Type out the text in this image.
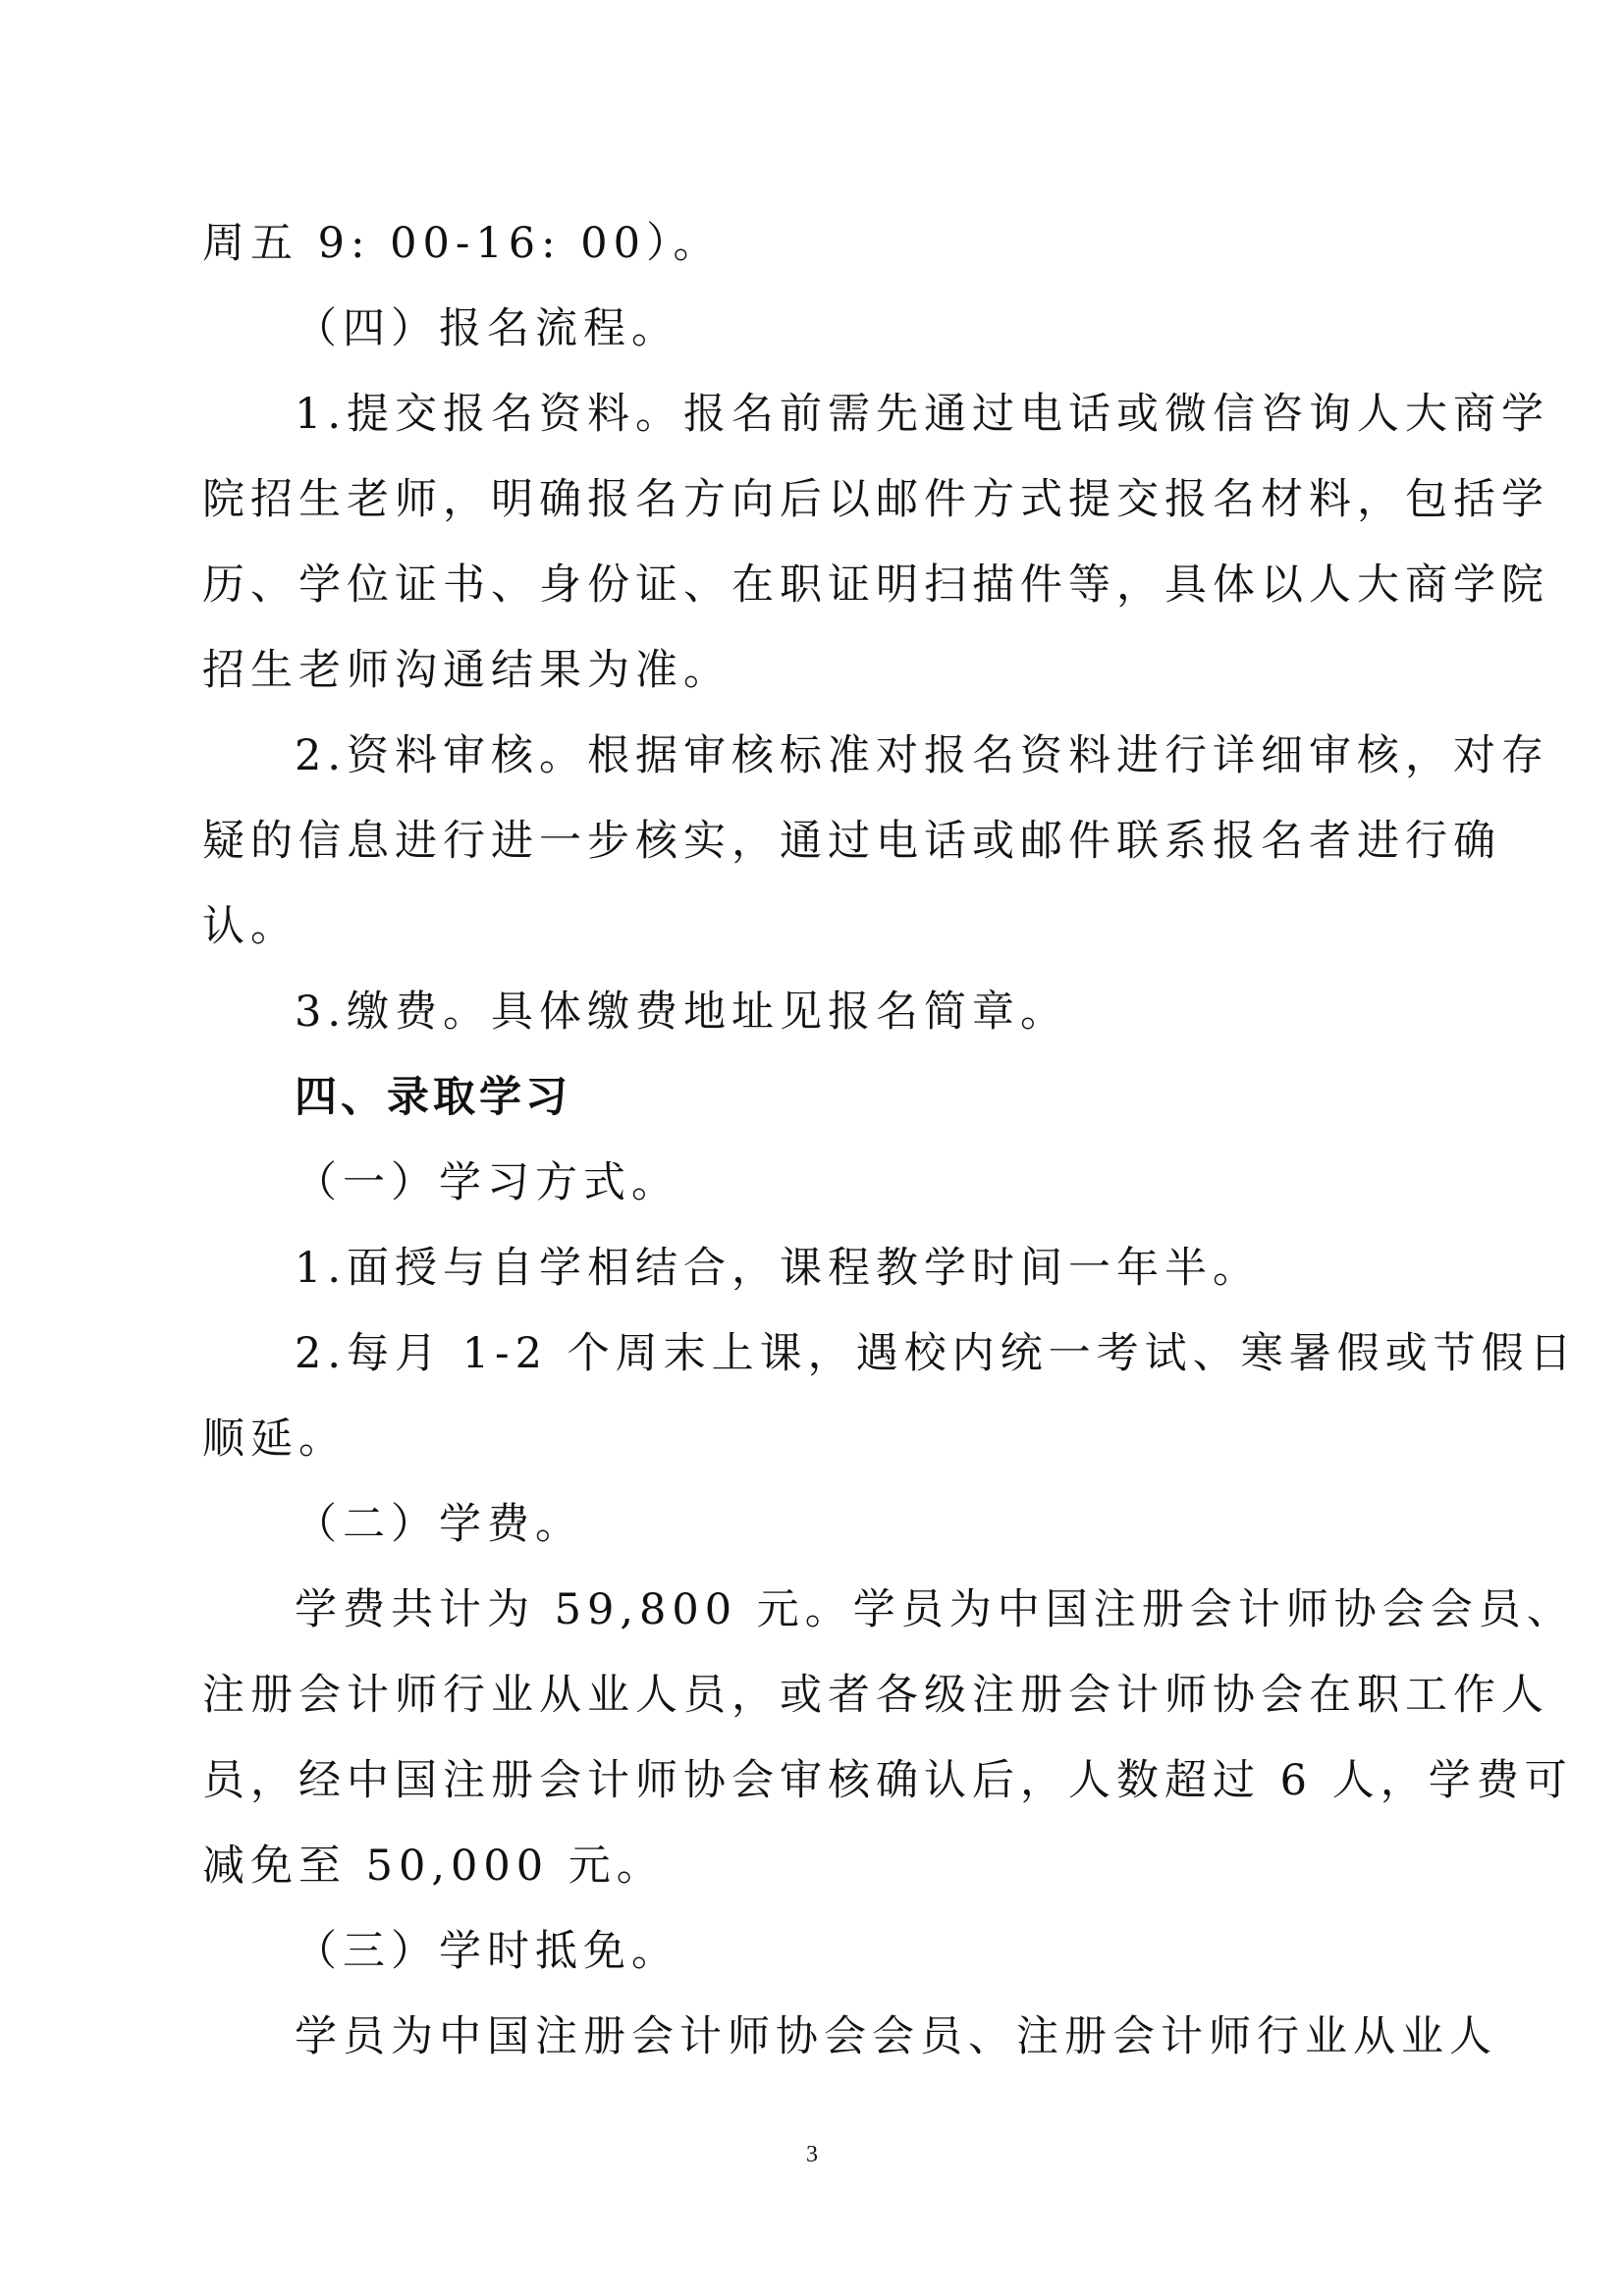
周五 9: 00-16: 00）。
（四）报名流程。
1.提交报名资料。报名前需先通过电话或微信咨询人大商学
院招生老师，明确报名方向后以邮件方式提交报名材料，包括学
历、学位证书、身份证、在职证明扫描件等，具体以人大商学院
招生老师沟通结果为准。
2.资料审核。根据审核标准对报名资料进行详细审核，对存
疑的信息进行进一步核实，通过电话或邮件联系报名者进行确
认。
3.缴费。具体缴费地址见报名简章。
四、录取学习
（一）学习方式。
1.面授与自学相结合，课程教学时间一年半。
2.每月 1-2 个周末上课，遇校内统一考试、寒暑假或节假日
顺延。
（二）学费。
学费共计为 59,800 元。学员为中国注册会计师协会会员、
注册会计师行业从业人员，或者各级注册会计师协会在职工作人
员，经中国注册会计师协会审核确认后，人数超过 6 人，学费可
减免至 50,000 元。
（三）学时抵免。
学员为中国注册会计师协会会员、注册会计师行业从业人
3
